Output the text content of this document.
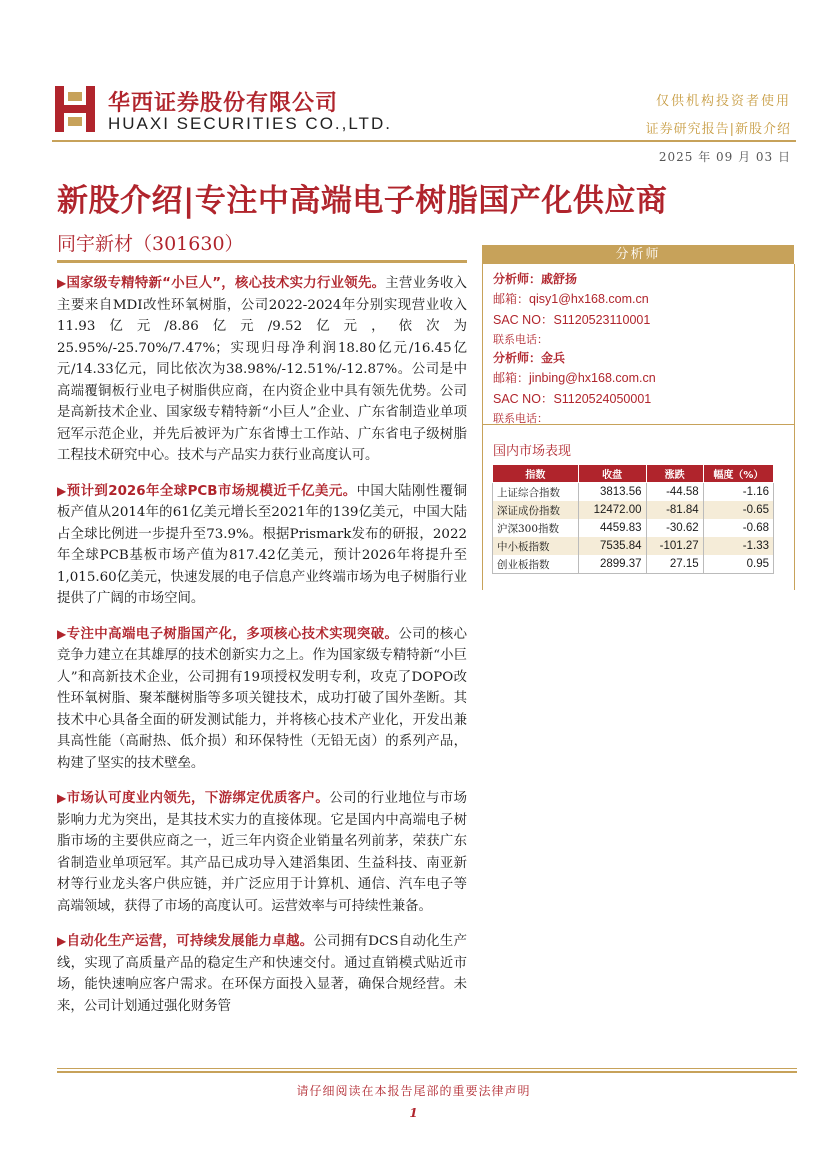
华西证券股份有限公司
HUAXI SECURITIES CO.,LTD.
仅供机构投资者使用
证券研究报告|新股介绍
2025 年 09 月 03 日
新股介绍|专注中高端电子树脂国产化供应商
同宇新材（301630）

▶国家级专精特新“小巨人”，核心技术实力行业领先。主营业务收入主要来自MDI改性环氧树脂，公司2022-2024年分别实现营业收入11.93亿元/8.86亿元/9.52亿元，依次为25.95%/-25.70%/7.47%；实现归母净利润18.80亿元/16.45亿元/14.33亿元，同比依次为38.98%/-12.51%/-12.87%。公司是中高端覆铜板行业电子树脂供应商，在内资企业中具有领先优势。公司是高新技术企业、国家级专精特新“小巨人”企业、广东省制造业单项冠军示范企业，并先后被评为广东省博士工作站、广东省电子级树脂工程技术研究中心。技术与产品实力获行业高度认可。

▶预计到2026年全球PCB市场规模近千亿美元。中国大陆刚性覆铜板产值从2014年的61亿美元增长至2021年的139亿美元，中国大陆占全球比例进一步提升至73.9%。根据Prismark发布的研报，2022年全球PCB基板市场产值为817.42亿美元，预计2026年将提升至1,015.60亿美元，快速发展的电子信息产业终端市场为电子树脂行业提供了广阔的市场空间。

▶专注中高端电子树脂国产化，多项核心技术实现突破。公司的核心竞争力建立在其雄厚的技术创新实力之上。作为国家级专精特新“小巨人”和高新技术企业，公司拥有19项授权发明专利，攻克了DOPO改性环氧树脂、聚苯醚树脂等多项关键技术，成功打破了国外垄断。其技术中心具备全面的研发测试能力，并将核心技术产业化，开发出兼具高性能（高耐热、低介损）和环保特性（无铅无卤）的系列产品，构建了坚实的技术壁垒。

▶市场认可度业内领先，下游绑定优质客户。公司的行业地位与市场影响力尤为突出，是其技术实力的直接体现。它是国内中高端电子树脂市场的主要供应商之一，近三年内资企业销量名列前茅，荣获广东省制造业单项冠军。其产品已成功导入建滔集团、生益科技、南亚新材等行业龙头客户供应链，并广泛应用于计算机、通信、汽车电子等高端领域，获得了市场的高度认可。运营效率与可持续性兼备。

▶自动化生产运营，可持续发展能力卓越。公司拥有DCS自动化生产线，实现了高质量产品的稳定生产和快速交付。通过直销模式贴近市场，能快速响应客户需求。在环保方面投入显著，确保合规经营。未来，公司计划通过强化财务管

分析师
分析师：戚舒扬
邮箱：qisy1@hx168.com.cn
SAC NO：S1120523110001
联系电话：
分析师：金兵
邮箱：jinbing@hx168.com.cn
SAC NO：S1120524050001
联系电话：
国内市场表现
指数	收盘	涨跌	幅度（%）
上证综合指数	3813.56	-44.58	-1.16
深证成份指数	12472.00	-81.84	-0.65
沪深300指数	4459.83	-30.62	-0.68
中小板指数	7535.84	-101.27	-1.33
创业板指数	2899.37	27.15	0.95
请仔细阅读在本报告尾部的重要法律声明
1
